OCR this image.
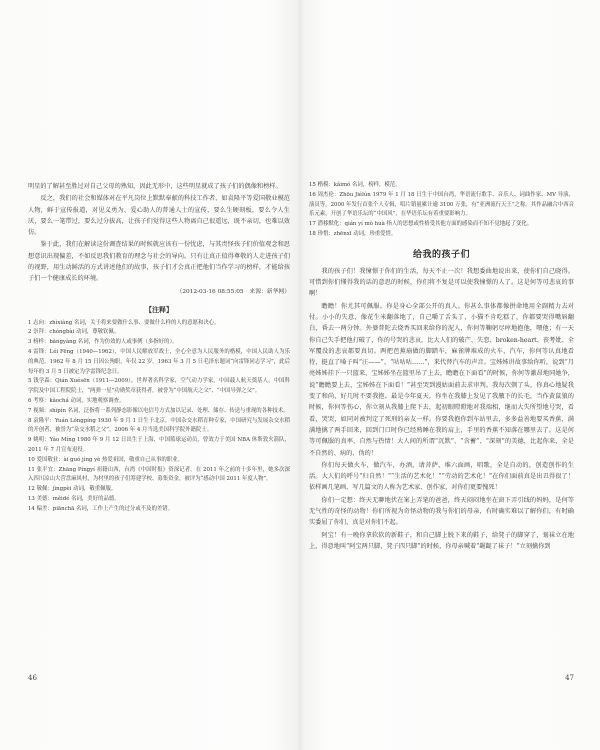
明星的了解甚至胜过对自己父母的熟知，因此无形中，这些明星就成了孩子们的偶像和榜样。

反之，我们的社会和媒体对在平凡岗位上默默奉献的科技工作者、如袁隆平等爱国敬业模范人物，鲜于宣传报道，对见义勇为、爱心助人的普通人士的宣传，要么生硬刻板，要么令人生厌，要么一笔带过，要么过分拔高，让孩子们觉得这些人物离自己很遥远，既不亲切，也难以效仿。

鉴于此，我们在解读这份调查结果的时候就应该有一份忧虑，与其责怪孩子们价值观念和思想意识出现偏差，不如反思我们教育的理念与社会的导向。只有让真正值得尊敬的人走进孩子们的视野，用生动鲜活的方式讲述他们的故事，孩子们才会真正把他们当作学习的榜样，才能给孩子们一个健康成长的环境。

（2012-03-16 08:55:05　来源：新华网）

【注释】

1 志向：zhìxiàng 名词，关于将来要做什么事、要做什么样的人的意愿和决心。

2 崇拜：chóngbài 动词，尊敬钦佩。

3 榜样：bǎngyàng 名词，作为仿效的人或事例（多指好的）。

4 雷锋：Léi Fēng（1940—1962），中国人民解放军战士，全心全意为人民服务的楷模，中国人民助人为乐的典范。1962 年 8 月 15 日因公殉职，年仅 22 岁。1963 年 3 月 5 日毛泽东题词“向雷锋同志学习”，此后每年的 3 月 5 日被定为学雷锋纪念日。

5 钱学森：Qián Xuésēn（1911—2009），世界著名科学家，空气动力学家，中国载人航天奠基人，中国科学院及中国工程院院士，“两弹一星”功勋奖章获得者，被誉为“中国航天之父”、“中国导弹之父”。

6 考察：kǎochá 动词，实地观察调查。

7 视频：shìpín 名词，泛指将一系列静态影像以电信号方式加以记录、处理、储存、传送与重现的各种技术。

8 袁隆平：Yuán Lóngpíng 1930 年 9 月 1 日生于北京，中国杂交水稻育种专家，中国研究与发展杂交水稻的开创者，被誉为“杂交水稻之父”。2006 年 4 月当选美国科学院外籍院士。

9 姚明：Yáo Míng 1980 年 9 月 12 日出生于上海，中国篮球运动员，曾效力于美国 NBA 休斯敦火箭队，2011 年 7 月宣布退役。

10 爱国敬业：ài guó jìng yè 热爱祖国，敬重自己从事的职业。

11 张平宜：Zhāng Píngyí 祖籍山西，台湾《中国时报》资深记者。在 2011 年之前的十多年里，她多次深入四川凉山大营盘麻风村，为村里的孩子们筹建学校、募集资金，被评为“感动中国 2011 年度人物”。

12 敬佩：jìngpèi 动词，敬重佩服。

13 美德：měidé 名词，美好的品德。

14 偏差：piānchā 名词，工作上产生的过分或不及的差错。

46

15 楷模：kǎimó 名词，榜样，模范。

16 周杰伦：Zhōu Jiélún 1979 年 1 月 18 日生于中国台湾，华语流行歌手、音乐人、词曲作家、MV 导演、演员等。2000 年发行首张个人专辑，唱片销量累计逾 3100 万张，有“亚洲流行天王”之称。其作品融合中西音乐元素，开创了华语乐坛的“中国风”，在华语乐坛有着重要影响力。

17 潜移默化：qián yí mò huà 指人的思想或性格受其他方面的感染而不知不觉地起了变化。

18 珍惜：zhēnxī 动词，珍重爱惜。

给我的孩子们

我的孩子们！我憧憬于你们的生活，每天不止一次！我想委曲地说出来，使你们自己晓得。可惜到你们懂得我的话的意思的时候，你们将不复是可以使我憧憬的人了。这是何等可悲哀的事啊！

瞻瞻！你尤其可佩服。你是身心全部公开的真人。你甚么事体都像拼命地用全副精力去对付。小小的失意，像花生米翻落地了，自己嚼了舌头了，小猫不肯吃糕了，你都要哭得嘴唇翻白，昏去一两分钟。外婆普陀去烧香买回来给你的泥人，你何等鞠躬尽瘁地抱他，喂他；有一天你自己失手把他打破了，你的号哭的悲哀，比大人们的破产、失恋、broken-heart、丧考妣、全军覆没的悲哀都要真切。两把芭蕉扇做的脚踏车，麻雀牌堆成的火车、汽车，你何等认真地看待，挺直了嗓子叫“汪——”、“咕咕咕……”，来代替汽车的声音。宝姊姊讲故事给你听，说到“月亮姊姊挂下一只篮来，宝姊姊坐在篮里吊了上去，瞻瞻在下面看”的时候，你何等激昂地同她争，说“瞻瞻要上去，宝姊姊在下面看！”甚至哭到漫姑面前去求审判。我每次剃了头，你真心地疑我变了和尚，好几时不要我抱。最是今年夏天，你坐在我膝上发见了我腋下的长毛，当作黄鼠狼的时候，你何等伤心，你立刻从我膝上爬下去，起初眼瞪瞪地对我端相，继而大失所望地号哭，看看，哭哭，如同对被判定了死刑的亲友一样。你要我抱你到车站里去，多多益善地要买香蕉，满满地擒了两手回来，回到门口时你已经熟睡在我的肩上，手里的香蕉不知落在哪里去了。这是何等可佩服的真率、自然与热情！大人间的所谓“沉默”、“含蓄”、“深刻”的美德，比起你来，全是不自然的、病的、伪的！

你们每天做火车，做汽车，办酒，请菩萨，堆六面画，唱歌，全是自动的，创造创作的生活。大人们的呼号“归自然！”“生活的艺术化！”“劳动的艺术化！”在你们面前真是出丑得很了！依样画几笔画，写几篇文的人称为艺术家、创作家，对你们更要愧死！

你们一定想：终天无聊地伏在案上弄笔的爸爸，终天闷闷地坐在窗下弄引线的妈妈，是何等无气性的奇怪的动物！你们所视为奇怪动物的我与你们的母亲，有时确实难以了解你们，有时确实委屈了你们，真是对你们不起。

阿宝！有一晚你拿软软的新鞋子，和自己脚上脱下来的鞋子，给凳子的脚穿了，刬袜立在地上，得意地叫“阿宝两只脚，凳子四只脚”的时候，你母亲喊着“龌龊了袜子！”立刻擒你到

47
